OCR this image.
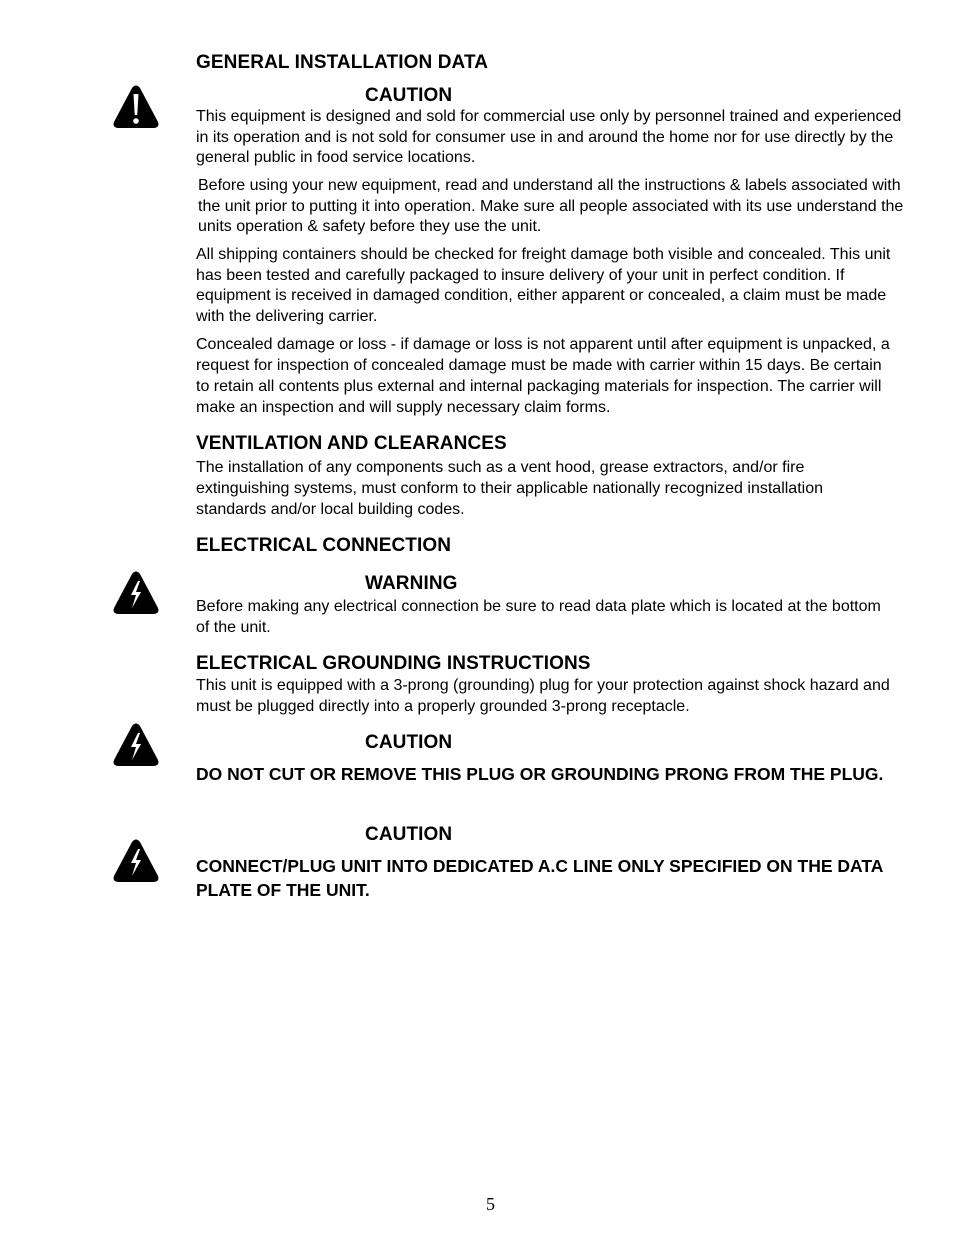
GENERAL INSTALLATION DATA
CAUTION
This equipment is designed and sold for commercial use only by personnel trained and experienced in its operation and is not sold for consumer use in and around the home nor for use directly by the general public in food service locations.
Before using your new equipment, read and understand all the instructions & labels associated with the unit prior to putting it into operation. Make sure all people associated with its use understand the units operation & safety before they use the unit.
All shipping containers should be checked for freight damage both visible and concealed. This unit has been tested and carefully packaged to insure delivery of your unit in perfect condition. If equipment is received in damaged condition, either apparent or concealed, a claim must be made with the delivering carrier.
Concealed damage or loss - if damage or loss is not apparent until after equipment is unpacked, a request for inspection of concealed damage must be made with carrier within 15 days. Be certain to retain all contents plus external and internal packaging materials for inspection. The carrier will make an inspection and will supply necessary claim forms.
VENTILATION AND CLEARANCES
The installation of any components such as a vent hood, grease extractors, and/or fire extinguishing systems, must conform to their applicable nationally recognized installation standards and/or local building codes.
ELECTRICAL CONNECTION
WARNING
Before making any electrical connection be sure to read data plate which is located at the bottom of the unit.
ELECTRICAL GROUNDING INSTRUCTIONS
This unit is equipped with a 3-prong (grounding) plug for your protection against shock hazard and must be plugged directly into a properly grounded 3-prong receptacle.
CAUTION
DO NOT CUT OR REMOVE THIS PLUG OR GROUNDING PRONG FROM THE PLUG.
CAUTION
CONNECT/PLUG UNIT INTO DEDICATED A.C LINE ONLY SPECIFIED ON THE DATA PLATE OF THE UNIT.
5
